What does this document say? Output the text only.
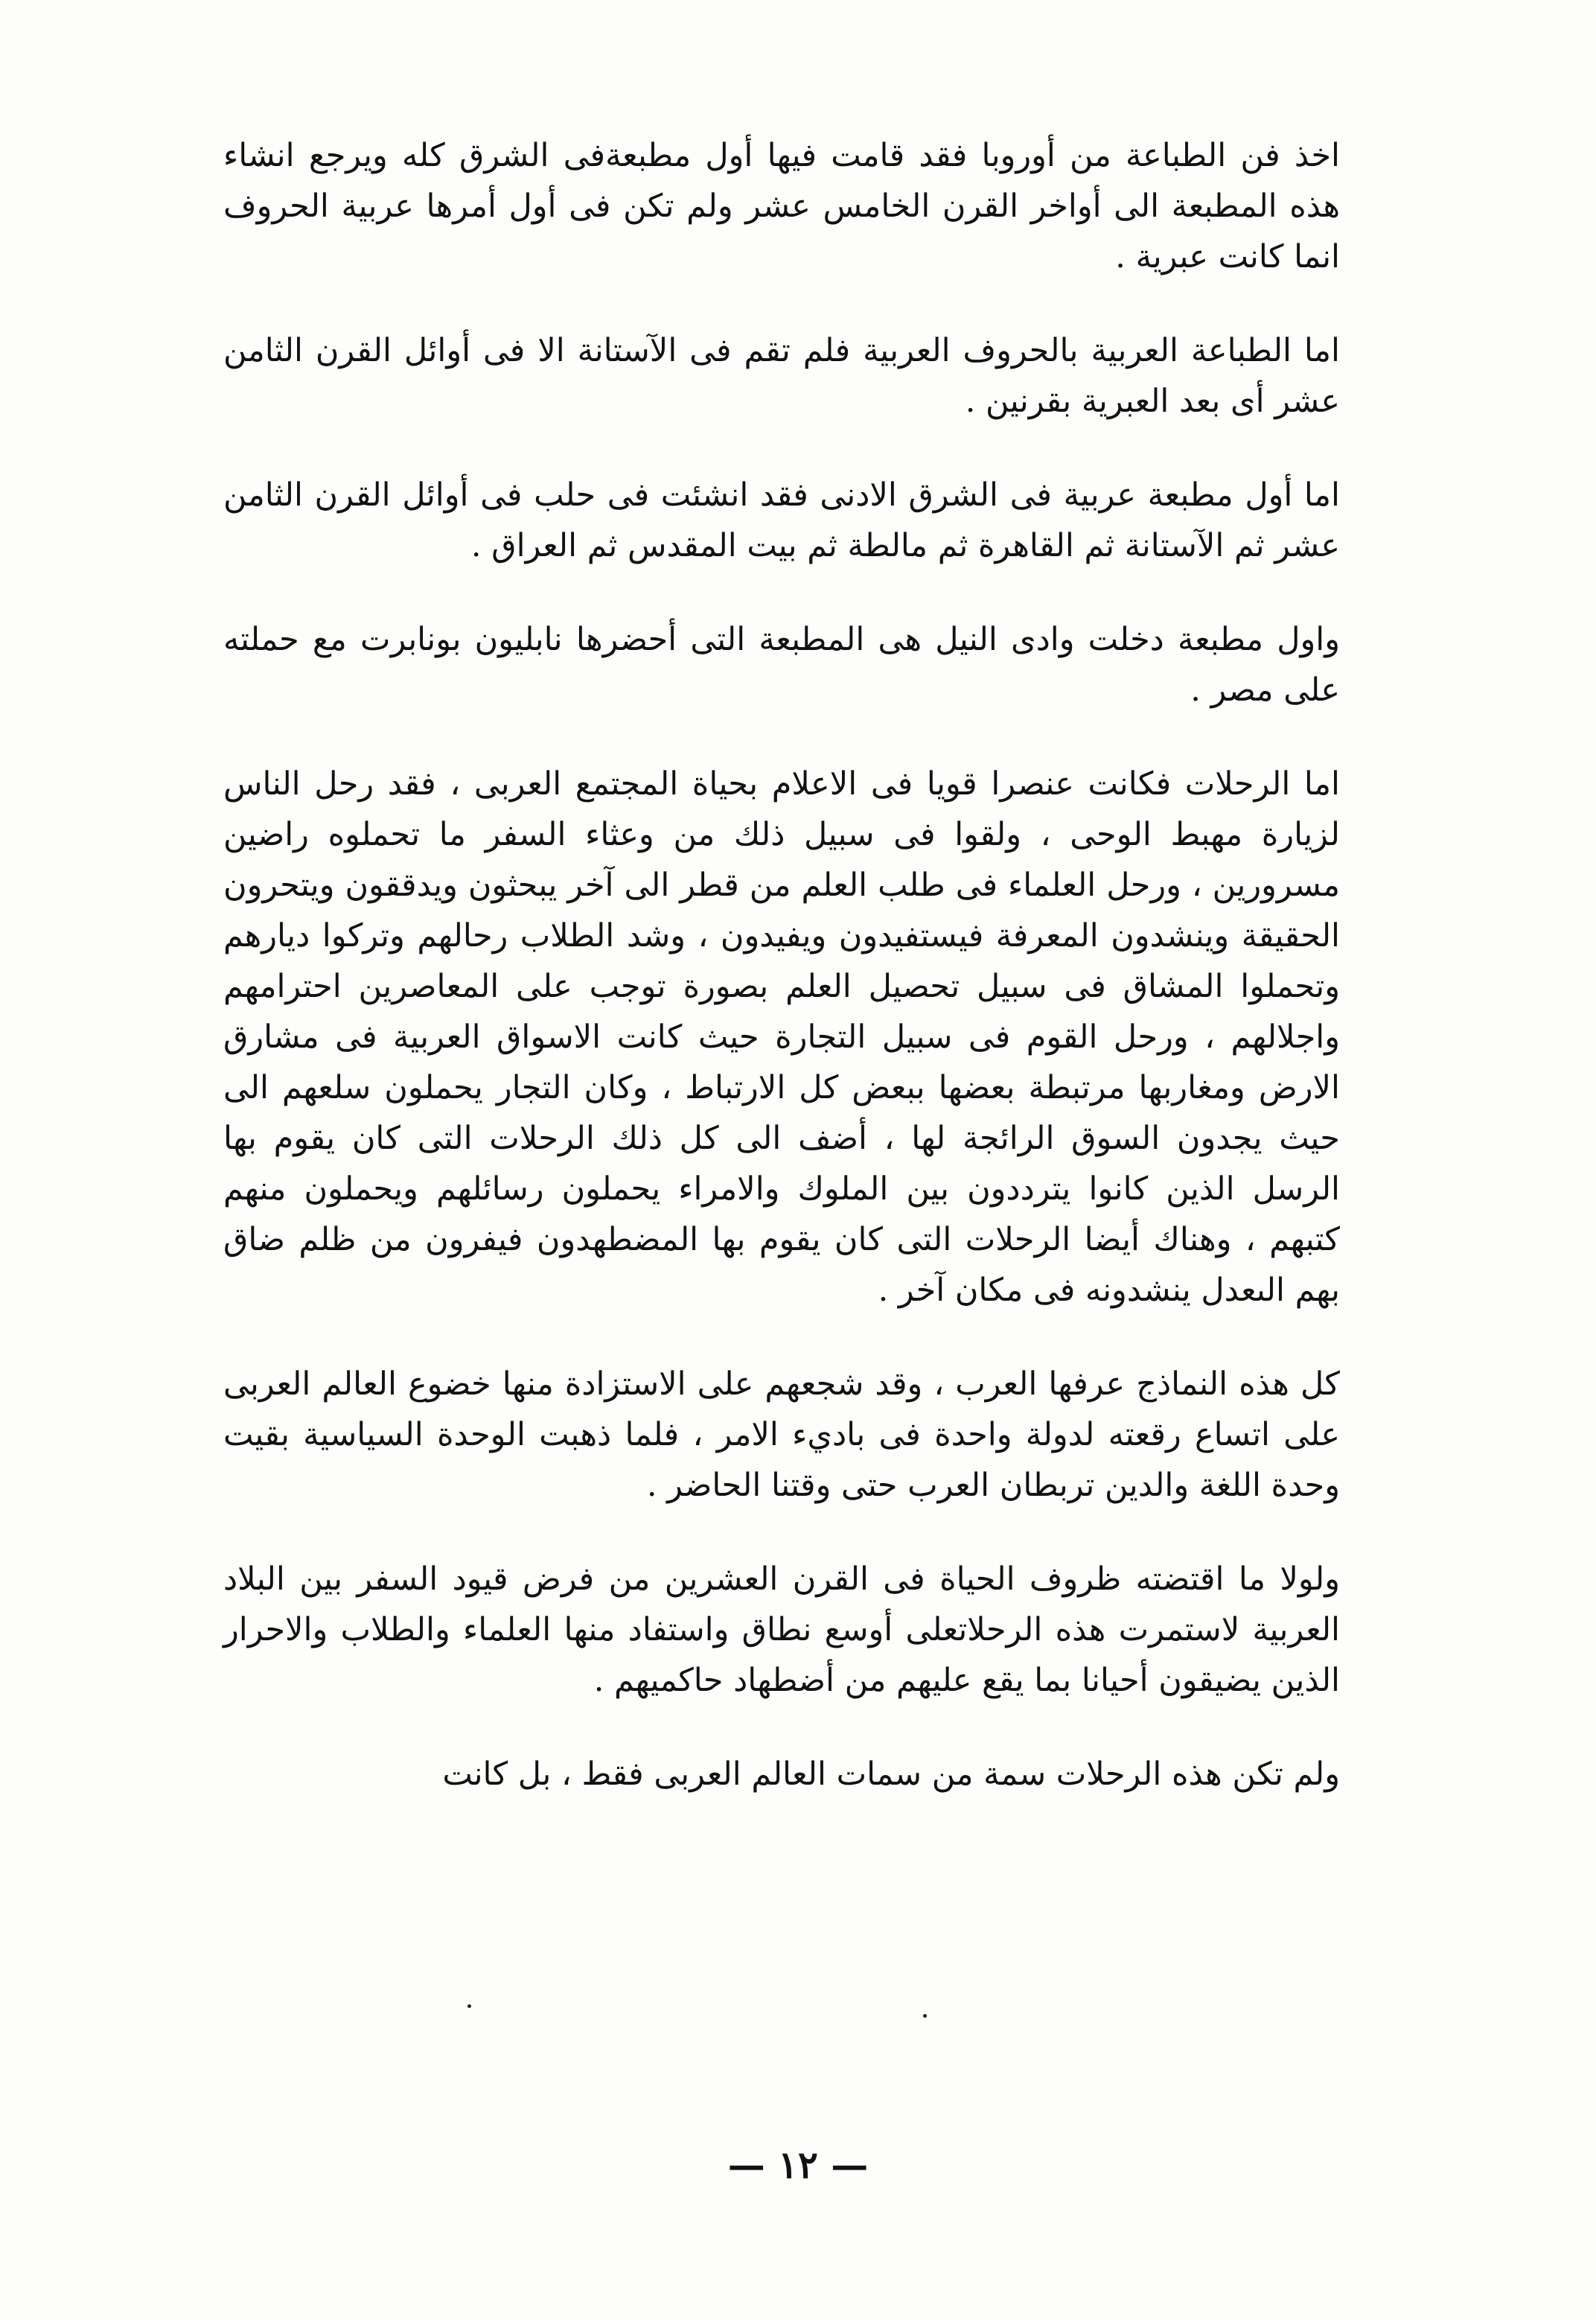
اخذ فن الطباعة من أوروبا فقد قامت فيها أول مطبعةفى الشرق كله ويرجع انشاء هذه المطبعة الى أواخر القرن الخامس عشر ولم تكن فى أول أمرها عربية الحروف انما كانت عبرية .

اما الطباعة العربية بالحروف العربية فلم تقم فى الآستانة الا فى أوائل القرن الثامن عشر أى بعد العبرية بقرنين .

اما أول مطبعة عربية فى الشرق الادنى فقد انشئت فى حلب فى أوائل القرن الثامن عشر ثم الآستانة ثم القاهرة ثم مالطة ثم بيت المقدس ثم العراق .

واول مطبعة دخلت وادى النيل هى المطبعة التى أحضرها نابليون بونابرت مع حملته على مصر .

اما الرحلات فكانت عنصرا قويا فى الاعلام بحياة المجتمع العربى ، فقد رحل الناس لزيارة مهبط الوحى ، ولقوا فى سبيل ذلك من وعثاء السفر ما تحملوه راضين مسرورين ، ورحل العلماء فى طلب العلم من قطر الى آخر يبحثون ويدققون ويتحرون الحقيقة وينشدون المعرفة فيستفيدون ويفيدون ، وشد الطلاب رحالهم وتركوا ديارهم وتحملوا المشاق فى سبيل تحصيل العلم بصورة توجب على المعاصرين احترامهم واجلالهم ، ورحل القوم فى سبيل التجارة حيث كانت الاسواق العربية فى مشارق الارض ومغاربها مرتبطة بعضها ببعض كل الارتباط ، وكان التجار يحملون سلعهم الى حيث يجدون السوق الرائجة لها ، أضف الى كل ذلك الرحلات التى كان يقوم بها الرسل الذين كانوا يترددون بين الملوك والامراء يحملون رسائلهم ويحملون منهم كتبهم ، وهناك أيضا الرحلات التى كان يقوم بها المضطهدون فيفرون من ظلم ضاق بهم الىعدل ينشدونه فى مكان آخر .

كل هذه النماذج عرفها العرب ، وقد شجعهم على الاستزادة منها خضوع العالم العربى على اتساع رقعته لدولة واحدة فى باديء الامر ، فلما ذهبت الوحدة السياسية بقيت وحدة اللغة والدين تربطان العرب حتى وقتنا الحاضر .

ولولا ما اقتضته ظروف الحياة فى القرن العشرين من فرض قيود السفر بين البلاد العربية لاستمرت هذه الرحلاتعلى أوسع نطاق واستفاد منها العلماء والطلاب والاحرار الذين يضيقون أحيانا بما يقع عليهم من أضطهاد حاكميهم .

ولم تكن هذه الرحلات سمة من سمات العالم العربى فقط ، بل كانت

— ١٢ —
